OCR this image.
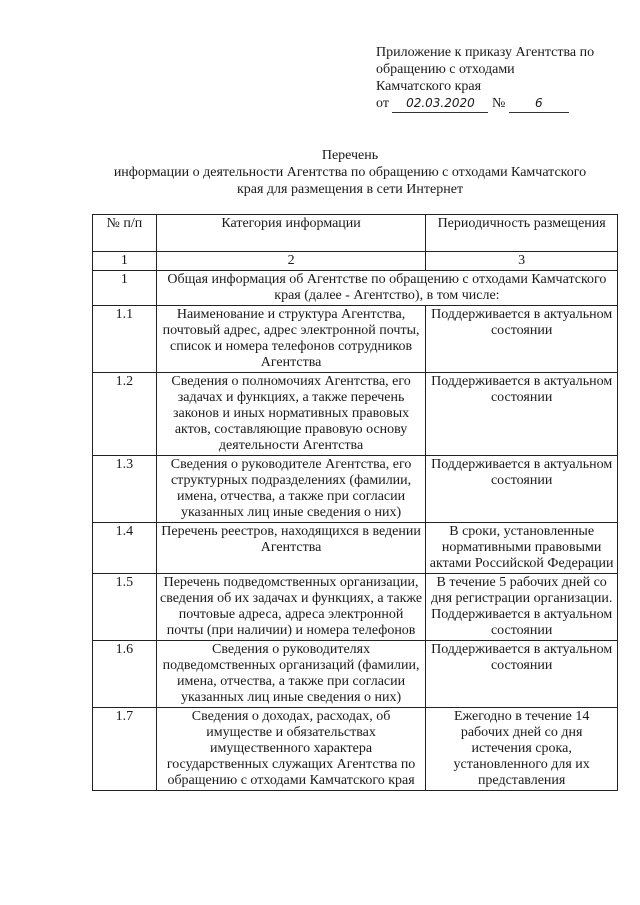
Приложение к приказу Агентства по
обращению с отходами
Камчатского края
от 02.03.2020 № 6
Перечень
информации о деятельности Агентства по обращению с отходами Камчатского
края для размещения в сети Интернет
№ п/п	Категория информации	Периодичность размещения
1	2	3
1	Общая информация об Агентстве по обращению с отходами Камчатского края (далее - Агентство), в том числе:	
1.1	Наименование и структура Агентства, почтовый адрес, адрес электронной почты, список и номера телефонов сотрудников Агентства	Поддерживается в актуальном состоянии
1.2	Сведения о полномочиях Агентства, его задачах и функциях, а также перечень законов и иных нормативных правовых актов, составляющие правовую основу деятельности Агентства	Поддерживается в актуальном состоянии
1.3	Сведения о руководителе Агентства, его структурных подразделениях (фамилии, имена, отчества, а также при согласии указанных лиц иные сведения о них)	Поддерживается в актуальном состоянии
1.4	Перечень реестров, находящихся в ведении Агентства	В сроки, установленные нормативными правовыми актами Российской Федерации
1.5	Перечень подведомственных организации, сведения об их задачах и функциях, а также почтовые адреса, адреса электронной почты (при наличии) и номера телефонов	В течение 5 рабочих дней со дня регистрации организации. Поддерживается в актуальном состоянии
1.6	Сведения о руководителях подведомственных организаций (фамилии, имена, отчества, а также при согласии указанных лиц иные сведения о них)	Поддерживается в актуальном состоянии
1.7	Сведения о доходах, расходах, об имуществе и обязательствах имущественного характера государственных служащих Агентства по обращению с отходами Камчатского края	Ежегодно в течение 14 рабочих дней со дня истечения срока, установленного для их представления
